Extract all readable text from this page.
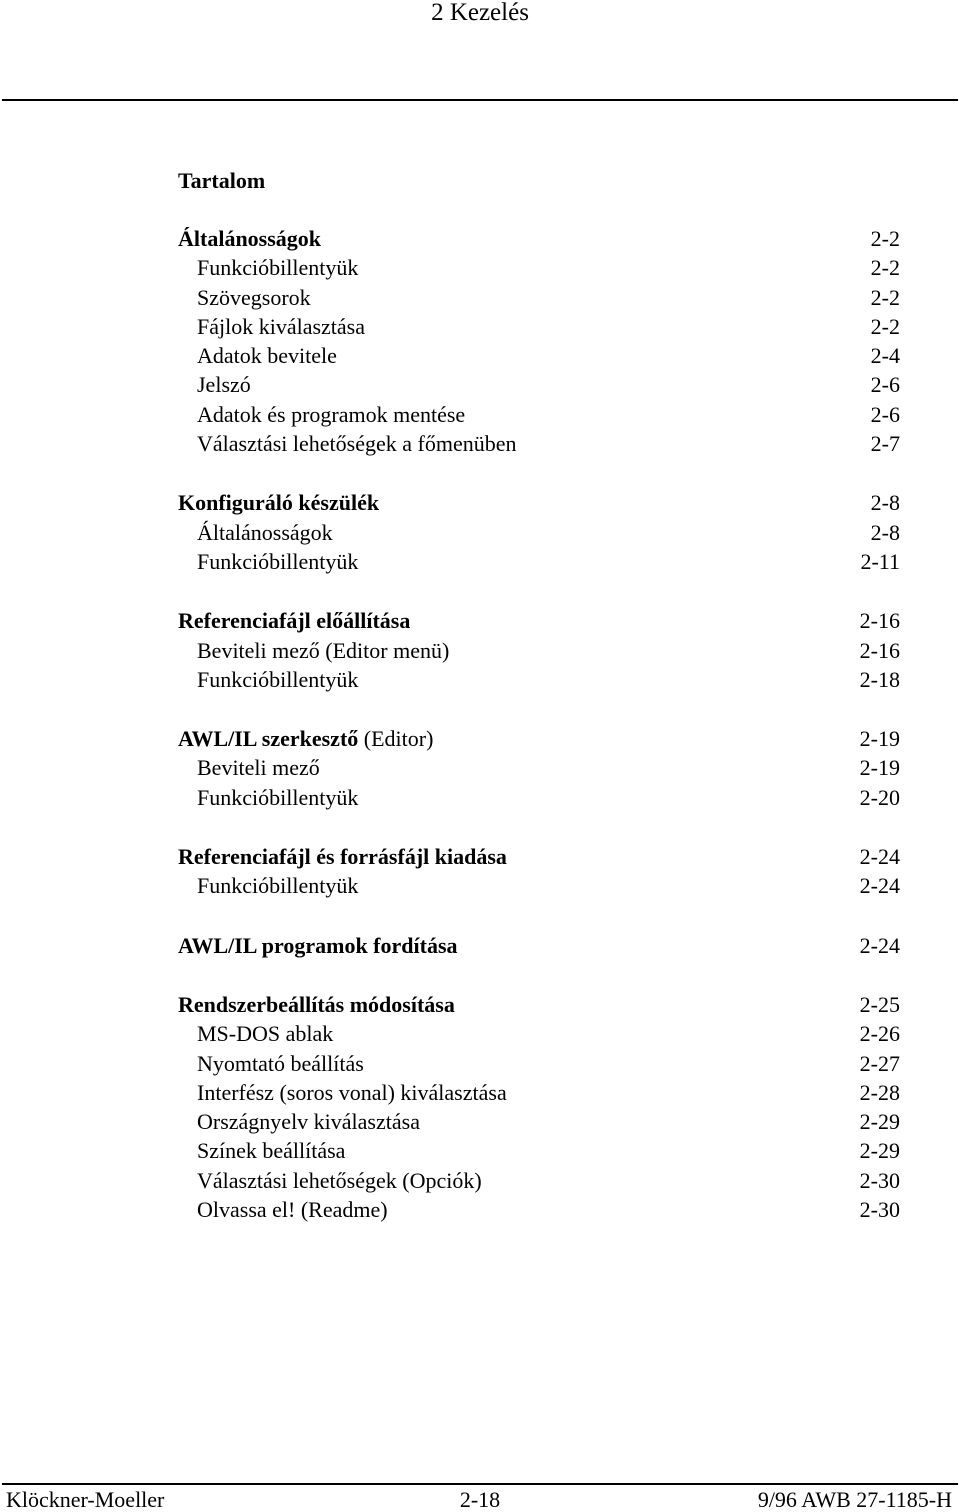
2 Kezelés
Tartalom
Általánosságok	2-2
Funkcióbillentyük	2-2
Szövegsorok	2-2
Fájlok kiválasztása	2-2
Adatok bevitele	2-4
Jelszó	2-6
Adatok és programok mentése	2-6
Választási lehetőségek a főmenüben	2-7
Konfiguráló készülék	2-8
Általánosságok	2-8
Funkcióbillentyük	2-11
Referenciafájl előállítása	2-16
Beviteli mező (Editor menü)	2-16
Funkcióbillentyük	2-18
AWL/IL szerkesztő (Editor)	2-19
Beviteli mező	2-19
Funkcióbillentyük	2-20
Referenciafájl és forrásfájl kiadása	2-24
Funkcióbillentyük	2-24
AWL/IL programok fordítása	2-24
Rendszerbeállítás módosítása	2-25
MS-DOS ablak	2-26
Nyomtató beállítás	2-27
Interfész (soros vonal) kiválasztása	2-28
Országnyelv kiválasztása	2-29
Színek beállítása	2-29
Választási lehetőségek (Opciók)	2-30
Olvassa el! (Readme)	2-30
Klöckner-Moeller	2-18	9/96 AWB 27-1185-H
